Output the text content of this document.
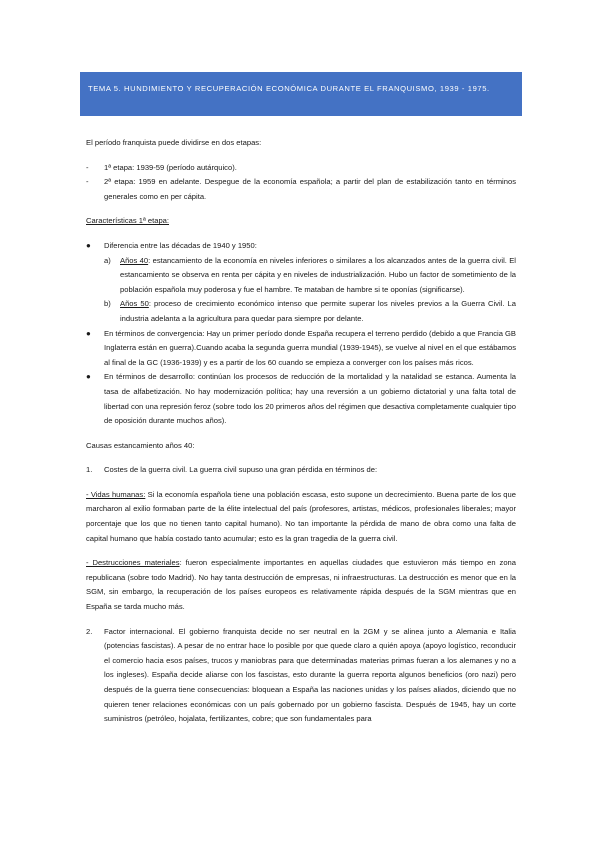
TEMA 5. HUNDIMIENTO Y RECUPERACIÓN ECONÓMICA DURANTE EL FRANQUISMO, 1939 - 1975.

El período franquista puede dividirse en dos etapas:

-	1ª etapa: 1939-59 (período autárquico).
-	2ª etapa: 1959 en adelante. Despegue de la economía española; a partir del plan de estabilización tanto en términos generales como en per cápita.

Características 1ª etapa:

●	Diferencia entre las décadas de 1940 y 1950:
a)	Años 40: estancamiento de la economía en niveles inferiores o similares a los alcanzados antes de la guerra civil. El estancamiento se observa en renta per cápita y en niveles de industrialización. Hubo un factor de sometimiento de la población española muy poderosa y fue el hambre. Te mataban de hambre si te oponías (significarse).
b)	Años 50: proceso de crecimiento económico intenso que permite superar los niveles previos a la Guerra Civil. La industria adelanta a la agricultura para quedar para siempre por delante.
●	En términos de convergencia: Hay un primer período donde España recupera el terreno perdido (debido a que Francia GB Inglaterra están en guerra).Cuando acaba la segunda guerra mundial (1939-1945), se vuelve al nivel en el que estábamos al final de la GC (1936-1939) y es a partir de los 60 cuando se empieza a converger con los países más ricos.
●	En términos de desarrollo: continúan los procesos de reducción de la mortalidad y la natalidad se estanca. Aumenta la tasa de alfabetización. No hay modernización política; hay una reversión a un gobierno dictatorial y una falta total de libertad con una represión feroz (sobre todo los 20 primeros años del régimen que desactiva completamente cualquier tipo de oposición durante muchos años).

Causas estancamiento años 40:

1.	Costes de la guerra civil. La guerra civil supuso una gran pérdida en términos de:

- Vidas humanas: Si la economía española tiene una población escasa, esto supone un decrecimiento. Buena parte de los que marcharon al exilio formaban parte de la élite intelectual del país (profesores, artistas, médicos, profesionales liberales; mayor porcentaje que los que no tienen tanto capital humano). No tan importante la pérdida de mano de obra como una falta de capital humano que había costado tanto acumular; esto es la gran tragedia de la guerra civil.

- Destrucciones materiales: fueron especialmente importantes en aquellas ciudades que estuvieron más tiempo en zona republicana (sobre todo Madrid). No hay tanta destrucción de empresas, ni infraestructuras. La destrucción es menor que en la SGM, sin embargo, la recuperación de los países europeos es relativamente rápida después de la SGM mientras que en España se tarda mucho más.

2.	Factor internacional. El gobierno franquista decide no ser neutral en la 2GM y se alinea junto a Alemania e Italia (potencias fascistas). A pesar de no entrar hace lo posible por que quede claro a quién apoya (apoyo logístico, reconducir el comercio hacia esos países, trucos y maniobras para que determinadas materias primas fueran a los alemanes y no a los ingleses). España decide aliarse con los fascistas, esto durante la guerra reporta algunos beneficios (oro nazi) pero después de la guerra tiene consecuencias: bloquean a España las naciones unidas y los países aliados, diciendo que no quieren tener relaciones económicas con un país gobernado por un gobierno fascista. Después de 1945, hay un corte suministros (petróleo, hojalata, fertilizantes, cobre; que son fundamentales para
